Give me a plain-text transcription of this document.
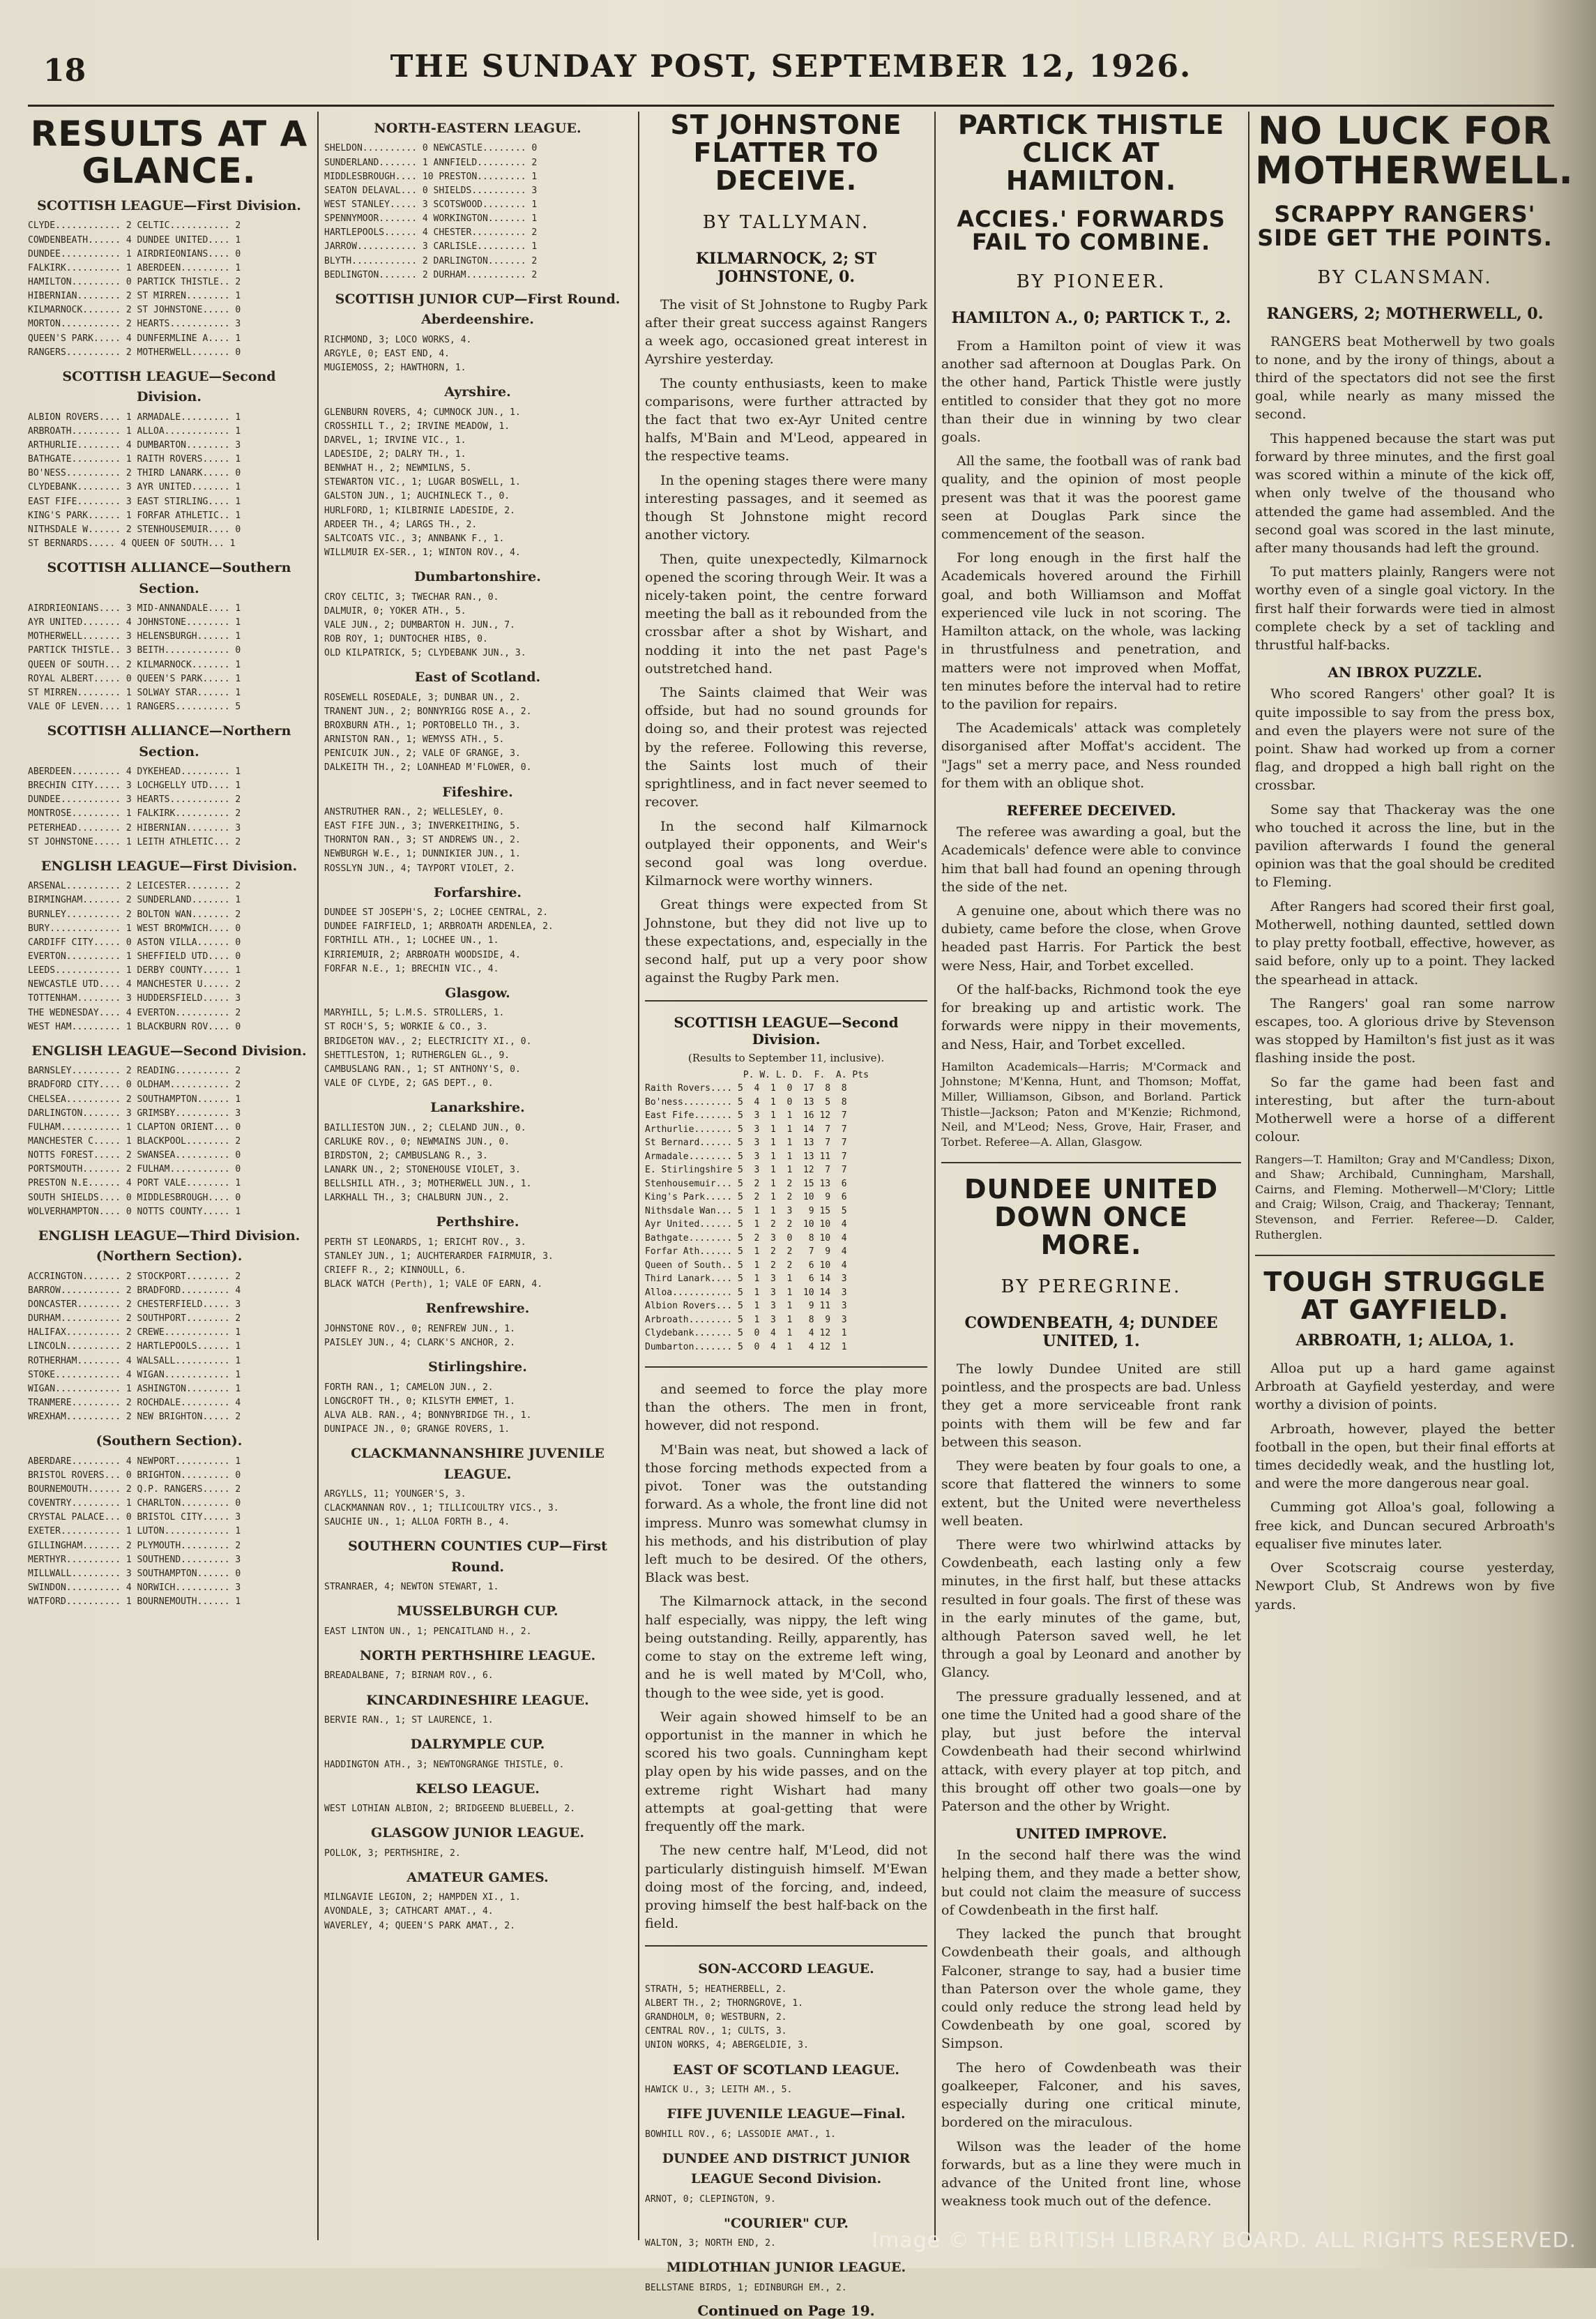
18	THE SUNDAY POST, SEPTEMBER 12, 1926.
RESULTS AT A GLANCE.
SCOTTISH LEAGUE—First Division.
CLYDE............ 2 CELTIC........... 2
COWDENBEATH...... 4 DUNDEE UNITED.... 1
DUNDEE........... 1 AIRDRIEONIANS.... 0
FALKIRK.......... 1 ABERDEEN......... 1
HAMILTON......... 0 PARTICK THISTLE.. 2
HIBERNIAN........ 2 ST MIRREN........ 1
KILMARNOCK....... 2 ST JOHNSTONE..... 0
MORTON........... 2 HEARTS........... 3
QUEEN'S PARK..... 4 DUNFERMLINE A.... 1
RANGERS.......... 2 MOTHERWELL....... 0
SCOTTISH LEAGUE—Second Division.
ALBION ROVERS.... 1 ARMADALE......... 1
ARBROATH......... 1 ALLOA............ 1
ARTHURLIE........ 4 DUMBARTON........ 3
BATHGATE......... 1 RAITH ROVERS..... 1
BO'NESS.......... 2 THIRD LANARK..... 0
CLYDEBANK........ 3 AYR UNITED....... 1
EAST FIFE........ 3 EAST STIRLING.... 1
KING'S PARK...... 1 FORFAR ATHLETIC.. 1
NITHSDALE W...... 2 STENHOUSEMUIR.... 0
ST BERNARDS..... 4 QUEEN OF SOUTH... 1
SCOTTISH ALLIANCE—Southern Section.
AIRDRIEONIANS.... 3 MID-ANNANDALE.... 1
AYR UNITED....... 4 JOHNSTONE........ 1
MOTHERWELL....... 3 HELENSBURGH...... 1
PARTICK THISTLE.. 3 BEITH............ 0
QUEEN OF SOUTH... 2 KILMARNOCK....... 1
ROYAL ALBERT..... 0 QUEEN'S PARK..... 1
ST MIRREN........ 1 SOLWAY STAR...... 1
VALE OF LEVEN.... 1 RANGERS.......... 5
SCOTTISH ALLIANCE—Northern Section.
ABERDEEN......... 4 DYKEHEAD......... 1
BRECHIN CITY..... 3 LOCHGELLY UTD.... 1
DUNDEE........... 3 HEARTS........... 2
MONTROSE......... 1 FALKIRK.......... 2
PETERHEAD........ 2 HIBERNIAN........ 3
ST JOHNSTONE..... 1 LEITH ATHLETIC... 2
ENGLISH LEAGUE—First Division.
ARSENAL.......... 2 LEICESTER........ 2
BIRMINGHAM....... 2 SUNDERLAND....... 1
BURNLEY.......... 2 BOLTON WAN....... 2
BURY............. 1 WEST BROMWICH.... 0
CARDIFF CITY..... 0 ASTON VILLA...... 0
EVERTON.......... 1 SHEFFIELD UTD.... 0
LEEDS............ 1 DERBY COUNTY..... 1
NEWCASTLE UTD.... 4 MANCHESTER U..... 2
TOTTENHAM........ 3 HUDDERSFIELD..... 3
THE WEDNESDAY.... 4 EVERTON.......... 2
WEST HAM......... 1 BLACKBURN ROV.... 0
ENGLISH LEAGUE—Second Division.
BARNSLEY......... 2 READING.......... 2
BRADFORD CITY.... 0 OLDHAM........... 2
CHELSEA.......... 2 SOUTHAMPTON...... 1
DARLINGTON....... 3 GRIMSBY.......... 3
FULHAM........... 1 CLAPTON ORIENT... 0
MANCHESTER C..... 1 BLACKPOOL........ 2
NOTTS FOREST..... 2 SWANSEA.......... 0
PORTSMOUTH....... 2 FULHAM........... 0
PRESTON N.E...... 4 PORT VALE........ 1
SOUTH SHIELDS.... 0 MIDDLESBROUGH.... 0
WOLVERHAMPTON.... 0 NOTTS COUNTY..... 1
ENGLISH LEAGUE—Third Division. (Northern Section).
ACCRINGTON....... 2 STOCKPORT........ 2
BARROW........... 2 BRADFORD......... 4
DONCASTER........ 2 CHESTERFIELD..... 3
DURHAM........... 2 SOUTHPORT........ 2
HALIFAX.......... 2 CREWE............ 1
LINCOLN.......... 2 HARTLEPOOLS...... 1
ROTHERHAM........ 4 WALSALL.......... 1
STOKE............ 4 WIGAN............ 1
WIGAN............ 1 ASHINGTON........ 1
TRANMERE......... 2 ROCHDALE......... 4
WREXHAM.......... 2 NEW BRIGHTON..... 2
(Southern Section).
ABERDARE......... 4 NEWPORT.......... 1
BRISTOL ROVERS... 0 BRIGHTON......... 0
BOURNEMOUTH...... 2 Q.P. RANGERS..... 2
COVENTRY......... 1 CHARLTON......... 0
CRYSTAL PALACE... 0 BRISTOL CITY..... 3
EXETER........... 1 LUTON............ 1
GILLINGHAM....... 2 PLYMOUTH......... 2
MERTHYR.......... 1 SOUTHEND......... 3
MILLWALL......... 3 SOUTHAMPTON...... 0
SWINDON.......... 4 NORWICH.......... 3
WATFORD.......... 1 BOURNEMOUTH...... 1
NORTH-EASTERN LEAGUE.
SHELDON.......... 0 NEWCASTLE........ 0
SUNDERLAND....... 1 ANNFIELD......... 2
MIDDLESBROUGH.... 10 PRESTON......... 1
SEATON DELAVAL... 0 SHIELDS.......... 3
WEST STANLEY..... 3 SCOTSWOOD........ 1
SPENNYMOOR....... 4 WORKINGTON....... 1
HARTLEPOOLS...... 4 CHESTER.......... 2
JARROW........... 3 CARLISLE......... 1
BLYTH............ 2 DARLINGTON....... 2
BEDLINGTON....... 2 DURHAM........... 2
SCOTTISH JUNIOR CUP—First Round. Aberdeenshire.
RICHMOND, 3; LOCO WORKS, 4.
ARGYLE, 0; EAST END, 4.
MUGIEMOSS, 2; HAWTHORN, 1.
Ayrshire.
GLENBURN ROVERS, 4; CUMNOCK JUN., 1.
CROSSHILL T., 2; IRVINE MEADOW, 1.
DARVEL, 1; IRVINE VIC., 1.
LADESIDE, 2; DALRY TH., 1.
BENWHAT H., 2; NEWMILNS, 5.
STEWARTON VIC., 1; LUGAR BOSWELL, 1.
GALSTON JUN., 1; AUCHINLECK T., 0.
HURLFORD, 1; KILBIRNIE LADESIDE, 2.
ARDEER TH., 4; LARGS TH., 2.
SALTCOATS VIC., 3; ANNBANK F., 1.
WILLMUIR EX-SER., 1; WINTON ROV., 4.
Dumbartonshire.
CROY CELTIC, 3; TWECHAR RAN., 0.
DALMUIR, 0; YOKER ATH., 5.
VALE JUN., 2; DUMBARTON H. JUN., 7.
ROB ROY, 1; DUNTOCHER HIBS, 0.
OLD KILPATRICK, 5; CLYDEBANK JUN., 3.
East of Scotland.
ROSEWELL ROSEDALE, 3; DUNBAR UN., 2.
TRANENT JUN., 2; BONNYRIGG ROSE A., 2.
BROXBURN ATH., 1; PORTOBELLO TH., 3.
ARNISTON RAN., 1; WEMYSS ATH., 5.
PENICUIK JUN., 2; VALE OF GRANGE, 3.
DALKEITH TH., 2; LOANHEAD M'FLOWER, 0.
Fifeshire.
ANSTRUTHER RAN., 2; WELLESLEY, 0.
EAST FIFE JUN., 3; INVERKEITHING, 5.
THORNTON RAN., 3; ST ANDREWS UN., 2.
NEWBURGH W.E., 1; DUNNIKIER JUN., 1.
ROSSLYN JUN., 4; TAYPORT VIOLET, 2.
Forfarshire.
DUNDEE ST JOSEPH'S, 2; LOCHEE CENTRAL, 2.
DUNDEE FAIRFIELD, 1; ARBROATH ARDENLEA, 2.
FORTHILL ATH., 1; LOCHEE UN., 1.
KIRRIEMUIR, 2; ARBROATH WOODSIDE, 4.
FORFAR N.E., 1; BRECHIN VIC., 4.
Glasgow.
MARYHILL, 5; L.M.S. STROLLERS, 1.
ST ROCH'S, 5; WORKIE & CO., 3.
BRIDGETON WAV., 2; ELECTRICITY XI., 0.
SHETTLESTON, 1; RUTHERGLEN GL., 9.
CAMBUSLANG RAN., 1; ST ANTHONY'S, 0.
VALE OF CLYDE, 2; GAS DEPT., 0.
Lanarkshire.
BAILLIESTON JUN., 2; CLELAND JUN., 0.
CARLUKE ROV., 0; NEWMAINS JUN., 0.
BIRDSTON, 2; CAMBUSLANG R., 3.
LANARK UN., 2; STONEHOUSE VIOLET, 3.
BELLSHILL ATH., 3; MOTHERWELL JUN., 1.
LARKHALL TH., 3; CHALBURN JUN., 2.
Perthshire.
PERTH ST LEONARDS, 1; ERICHT ROV., 3.
STANLEY JUN., 1; AUCHTERARDER FAIRMUIR, 3.
CRIEFF R., 2; KINNOULL, 6.
BLACK WATCH (Perth), 1; VALE OF EARN, 4.
Renfrewshire.
JOHNSTONE ROV., 0; RENFREW JUN., 1.
PAISLEY JUN., 4; CLARK'S ANCHOR, 2.
Stirlingshire.
FORTH RAN., 1; CAMELON JUN., 2.
LONGCROFT TH., 0; KILSYTH EMMET, 1.
ALVA ALB. RAN., 4; BONNYBRIDGE TH., 1.
DUNIPACE JN., 0; GRANGE ROVERS, 1.
CLACKMANNANSHIRE JUVENILE LEAGUE.
ARGYLLS, 11; YOUNGER'S, 3.
CLACKMANNAN ROV., 1; TILLICOULTRY VICS., 3.
SAUCHIE UN., 1; ALLOA FORTH B., 4.
SOUTHERN COUNTIES CUP—First Round.
STRANRAER, 4; NEWTON STEWART, 1.
MUSSELBURGH CUP.
EAST LINTON UN., 1; PENCAITLAND H., 2.
NORTH PERTHSHIRE LEAGUE.
BREADALBANE, 7; BIRNAM ROV., 6.
KINCARDINESHIRE LEAGUE.
BERVIE RAN., 1; ST LAURENCE, 1.
DALRYMPLE CUP.
HADDINGTON ATH., 3; NEWTONGRANGE THISTLE, 0.
KELSO LEAGUE.
WEST LOTHIAN ALBION, 2; BRIDGEEND BLUEBELL, 2.
GLASGOW JUNIOR LEAGUE.
POLLOK, 3; PERTHSHIRE, 2.
AMATEUR GAMES.
MILNGAVIE LEGION, 2; HAMPDEN XI., 1.
AVONDALE, 3; CATHCART AMAT., 4.
WAVERLEY, 4; QUEEN'S PARK AMAT., 2.
ST JOHNSTONE FLATTER TO DECEIVE.
BY TALLYMAN.
KILMARNOCK, 2; ST JOHNSTONE, 0.

The visit of St Johnstone to Rugby Park after their great success against Rangers a week ago, occasioned great interest in Ayrshire yesterday.

The county enthusiasts, keen to make comparisons, were further attracted by the fact that two ex-Ayr United centre halfs, M'Bain and M'Leod, appeared in the respective teams.

In the opening stages there were many interesting passages, and it seemed as though St Johnstone might record another victory.

Then, quite unexpectedly, Kilmarnock opened the scoring through Weir. It was a nicely-taken point, the centre forward meeting the ball as it rebounded from the crossbar after a shot by Wishart, and nodding it into the net past Page's outstretched hand.

The Saints claimed that Weir was offside, but had no sound grounds for doing so, and their protest was rejected by the referee. Following this reverse, the Saints lost much of their sprightliness, and in fact never seemed to recover.

In the second half Kilmarnock outplayed their opponents, and Weir's second goal was long overdue. Kilmarnock were worthy winners.

Great things were expected from St Johnstone, but they did not live up to these expectations, and, especially in the second half, put up a very poor show against the Rugby Park men.

SCOTTISH LEAGUE—Second Division.
(Results to September 11, inclusive).
P. W. L. D.  F.  A. Pts
Raith Rovers.... 5  4  1  0  17  8  8
Bo'ness......... 5  4  1  0  13  5  8
East Fife....... 5  3  1  1  16 12  7
Arthurlie....... 5  3  1  1  14  7  7
St Bernard...... 5  3  1  1  13  7  7
Armadale........ 5  3  1  1  13 11  7
E. Stirlingshire 5  3  1  1  12  7  7
Stenhousemuir... 5  2  1  2  15 13  6
King's Park..... 5  2  1  2  10  9  6
Nithsdale Wan... 5  1  1  3   9 15  5
Ayr United...... 5  1  2  2  10 10  4
Bathgate........ 5  2  3  0   8 10  4
Forfar Ath...... 5  1  2  2   7  9  4
Queen of South.. 5  1  2  2   6 10  4
Third Lanark.... 5  1  3  1   6 14  3
Alloa........... 5  1  3  1  10 14  3
Albion Rovers... 5  1  3  1   9 11  3
Arbroath........ 5  1  3  1   8  9  3
Clydebank....... 5  0  4  1   4 12  1
Dumbarton....... 5  0  4  1   4 12  1

and seemed to force the play more than the others. The men in front, however, did not respond.

M'Bain was neat, but showed a lack of those forcing methods expected from a pivot. Toner was the outstanding forward. As a whole, the front line did not impress. Munro was somewhat clumsy in his methods, and his distribution of play left much to be desired. Of the others, Black was best.

The Kilmarnock attack, in the second half especially, was nippy, the left wing being outstanding. Reilly, apparently, has come to stay on the extreme left wing, and he is well mated by M'Coll, who, though to the wee side, yet is good.

Weir again showed himself to be an opportunist in the manner in which he scored his two goals. Cunningham kept play open by his wide passes, and on the extreme right Wishart had many attempts at goal-getting that were frequently off the mark.

The new centre half, M'Leod, did not particularly distinguish himself. M'Ewan doing most of the forcing, and, indeed, proving himself the best half-back on the field.

SON-ACCORD LEAGUE.
STRATH, 5; HEATHERBELL, 2.
ALBERT TH., 2; THORNGROVE, 1.
GRANDHOLM, 0; WESTBURN, 2.
CENTRAL ROV., 1; CULTS, 3.
UNION WORKS, 4; ABERGELDIE, 3.
EAST OF SCOTLAND LEAGUE.
HAWICK U., 3; LEITH AM., 5.
FIFE JUVENILE LEAGUE—Final.
BOWHILL ROV., 6; LASSODIE AMAT., 1.
DUNDEE AND DISTRICT JUNIOR LEAGUE Second Division.
ARNOT, 0; CLEPINGTON, 9.
"COURIER" CUP.
WALTON, 3; NORTH END, 2.
MIDLOTHIAN JUNIOR LEAGUE.
BELLSTANE BIRDS, 1; EDINBURGH EM., 2.
Continued on Page 19.
PARTICK THISTLE CLICK AT HAMILTON.
ACCIES.' FORWARDS FAIL TO COMBINE.
BY PIONEER.
HAMILTON A., 0; PARTICK T., 2.

From a Hamilton point of view it was another sad afternoon at Douglas Park. On the other hand, Partick Thistle were justly entitled to consider that they got no more than their due in winning by two clear goals.

All the same, the football was of rank bad quality, and the opinion of most people present was that it was the poorest game seen at Douglas Park since the commencement of the season.

For long enough in the first half the Academicals hovered around the Firhill goal, and both Williamson and Moffat experienced vile luck in not scoring. The Hamilton attack, on the whole, was lacking in thrustfulness and penetration, and matters were not improved when Moffat, ten minutes before the interval had to retire to the pavilion for repairs.

The Academicals' attack was completely disorganised after Moffat's accident. The "Jags" set a merry pace, and Ness rounded for them with an oblique shot.

REFEREE DECEIVED.

The referee was awarding a goal, but the Academicals' defence were able to convince him that ball had found an opening through the side of the net.

A genuine one, about which there was no dubiety, came before the close, when Grove headed past Harris. For Partick the best were Ness, Hair, and Torbet excelled.

Of the half-backs, Richmond took the eye for breaking up and artistic work. The forwards were nippy in their movements, and Ness, Hair, and Torbet excelled.

Hamilton Academicals—Harris; M'Cormack and Johnstone; M'Kenna, Hunt, and Thomson; Moffat, Miller, Williamson, Gibson, and Borland. Partick Thistle—Jackson; Paton and M'Kenzie; Richmond, Neil, and M'Leod; Ness, Grove, Hair, Fraser, and Torbet. Referee—A. Allan, Glasgow.
DUNDEE UNITED DOWN ONCE MORE.
BY PEREGRINE.
COWDENBEATH, 4; DUNDEE UNITED, 1.

The lowly Dundee United are still pointless, and the prospects are bad. Unless they get a more serviceable front rank points with them will be few and far between this season.

They were beaten by four goals to one, a score that flattered the winners to some extent, but the United were nevertheless well beaten.

There were two whirlwind attacks by Cowdenbeath, each lasting only a few minutes, in the first half, but these attacks resulted in four goals. The first of these was in the early minutes of the game, but, although Paterson saved well, he let through a goal by Leonard and another by Glancy.

The pressure gradually lessened, and at one time the United had a good share of the play, but just before the interval Cowdenbeath had their second whirlwind attack, with every player at top pitch, and this brought off other two goals—one by Paterson and the other by Wright.

UNITED IMPROVE.

In the second half there was the wind helping them, and they made a better show, but could not claim the measure of success of Cowdenbeath in the first half.

They lacked the punch that brought Cowdenbeath their goals, and although Falconer, strange to say, had a busier time than Paterson over the whole game, they could only reduce the strong lead held by Cowdenbeath by one goal, scored by Simpson.

The hero of Cowdenbeath was their goalkeeper, Falconer, and his saves, especially during one critical minute, bordered on the miraculous.

Wilson was the leader of the home forwards, but as a line they were much in advance of the United front line, whose weakness took much out of the defence.

NO LUCK FOR MOTHERWELL.
SCRAPPY RANGERS' SIDE GET THE POINTS.
BY CLANSMAN.
RANGERS, 2; MOTHERWELL, 0.

RANGERS beat Motherwell by two goals to none, and by the irony of things, about a third of the spectators did not see the first goal, while nearly as many missed the second.

This happened because the start was put forward by three minutes, and the first goal was scored within a minute of the kick off, when only twelve of the thousand who attended the game had assembled. And the second goal was scored in the last minute, after many thousands had left the ground.

To put matters plainly, Rangers were not worthy even of a single goal victory. In the first half their forwards were tied in almost complete check by a set of tackling and thrustful half-backs.

AN IBROX PUZZLE.

Who scored Rangers' other goal? It is quite impossible to say from the press box, and even the players were not sure of the point. Shaw had worked up from a corner flag, and dropped a high ball right on the crossbar.

Some say that Thackeray was the one who touched it across the line, but in the pavilion afterwards I found the general opinion was that the goal should be credited to Fleming.

After Rangers had scored their first goal, Motherwell, nothing daunted, settled down to play pretty football, effective, however, as said before, only up to a point. They lacked the spearhead in attack.

The Rangers' goal ran some narrow escapes, too. A glorious drive by Stevenson was stopped by Hamilton's fist just as it was flashing inside the post.

So far the game had been fast and interesting, but after the turn-about Motherwell were a horse of a different colour.

Rangers—T. Hamilton; Gray and M'Candless; Dixon, and Shaw; Archibald, Cunningham, Marshall, Cairns, and Fleming. Motherwell—M'Clory; Little and Craig; Wilson, Craig, and Thackeray; Tennant, Stevenson, and Ferrier. Referee—D. Calder, Rutherglen.
TOUGH STRUGGLE AT GAYFIELD.
ARBROATH, 1; ALLOA, 1.

Alloa put up a hard game against Arbroath at Gayfield yesterday, and were worthy a division of points.

Arbroath, however, played the better football in the open, but their final efforts at times decidedly weak, and the hustling lot, and were the more dangerous near goal.

Cumming got Alloa's goal, following a free kick, and Duncan secured Arbroath's equaliser five minutes later.

Over Scotscraig course yesterday, Newport Club, St Andrews won by five yards.

Image © THE BRITISH LIBRARY BOARD. ALL RIGHTS RESERVED.
